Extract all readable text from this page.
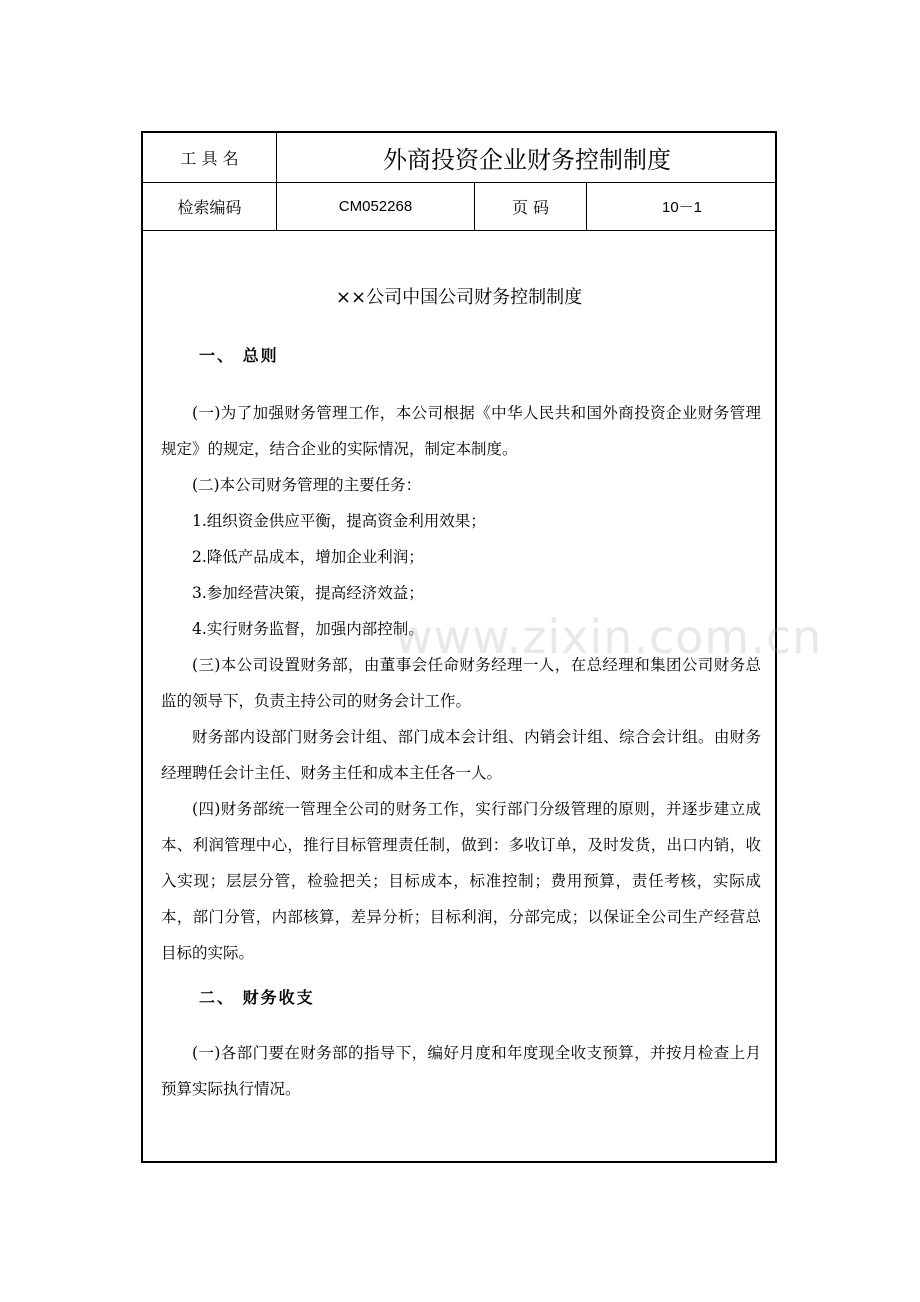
工 具 名	外商投资企业财务控制制度
检索编码	CM052268	页 码	10－1
××公司中国公司财务控制制度
一、 总则

(一)为了加强财务管理工作，本公司根据《中华人民共和国外商投资企业财务管理规定》的规定，结合企业的实际情况，制定本制度。

(二)本公司财务管理的主要任务：

1.组织资金供应平衡，提高资金利用效果；

2.降低产品成本，增加企业利润；

3.参加经营决策，提高经济效益；

4.实行财务监督，加强内部控制。

(三)本公司设置财务部，由董事会任命财务经理一人，在总经理和集团公司财务总监的领导下，负责主持公司的财务会计工作。

财务部内设部门财务会计组、部门成本会计组、内销会计组、综合会计组。由财务经理聘任会计主任、财务主任和成本主任各一人。

(四)财务部统一管理全公司的财务工作，实行部门分级管理的原则，并逐步建立成本、利润管理中心，推行目标管理责任制，做到：多收订单，及时发货，出口内销，收入实现；层层分管，检验把关；目标成本，标准控制；费用预算，责任考核，实际成本，部门分管，内部核算，差异分析；目标利润，分部完成；以保证全公司生产经营总目标的实际。

二、 财务收支

(一)各部门要在财务部的指导下，编好月度和年度现全收支预算，并按月检查上月预算实际执行情况。

www.zixin.com.cn
